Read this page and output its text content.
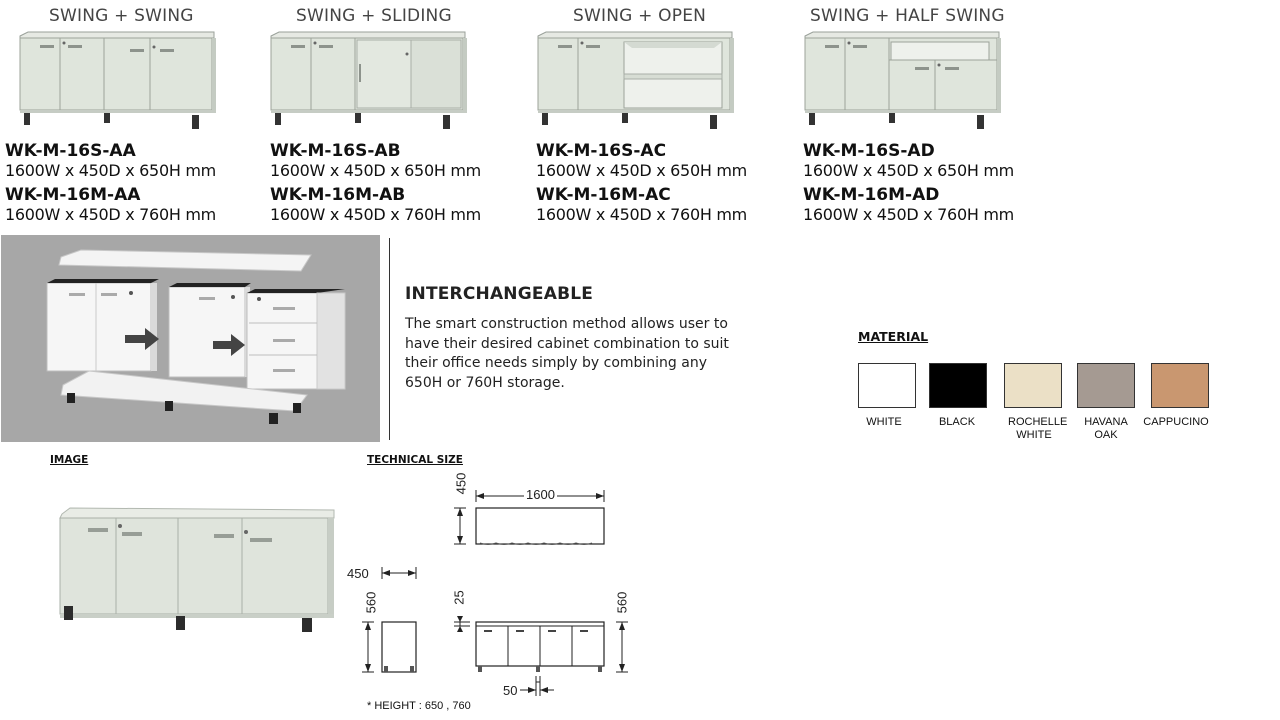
SWING + SWING
WK-M-16S-AA
1600W x 450D x 650H mm
WK-M-16M-AA
1600W x 450D x 760H mm
SWING + SLIDING
WK-M-16S-AB
1600W x 450D x 650H mm
WK-M-16M-AB
1600W x 450D x 760H mm
SWING + OPEN
WK-M-16S-AC
1600W x 450D x 650H mm
WK-M-16M-AC
1600W x 450D x 760H mm
SWING + HALF SWING
WK-M-16S-AD
1600W x 450D x 650H mm
WK-M-16M-AD
1600W x 450D x 760H mm
INTERCHANGEABLE
The smart construction method allows user to have their desired cabinet combination to suit their office needs simply by combining any 650H or 760H storage.
MATERIAL
WHITE	BLACK	ROCHELLE WHITE
HAVANA OAK
CAPPUCINO
IMAGE	TECHNICAL SIZE
1600
450
450
560	25	560
50
* HEIGHT : 650 , 760
